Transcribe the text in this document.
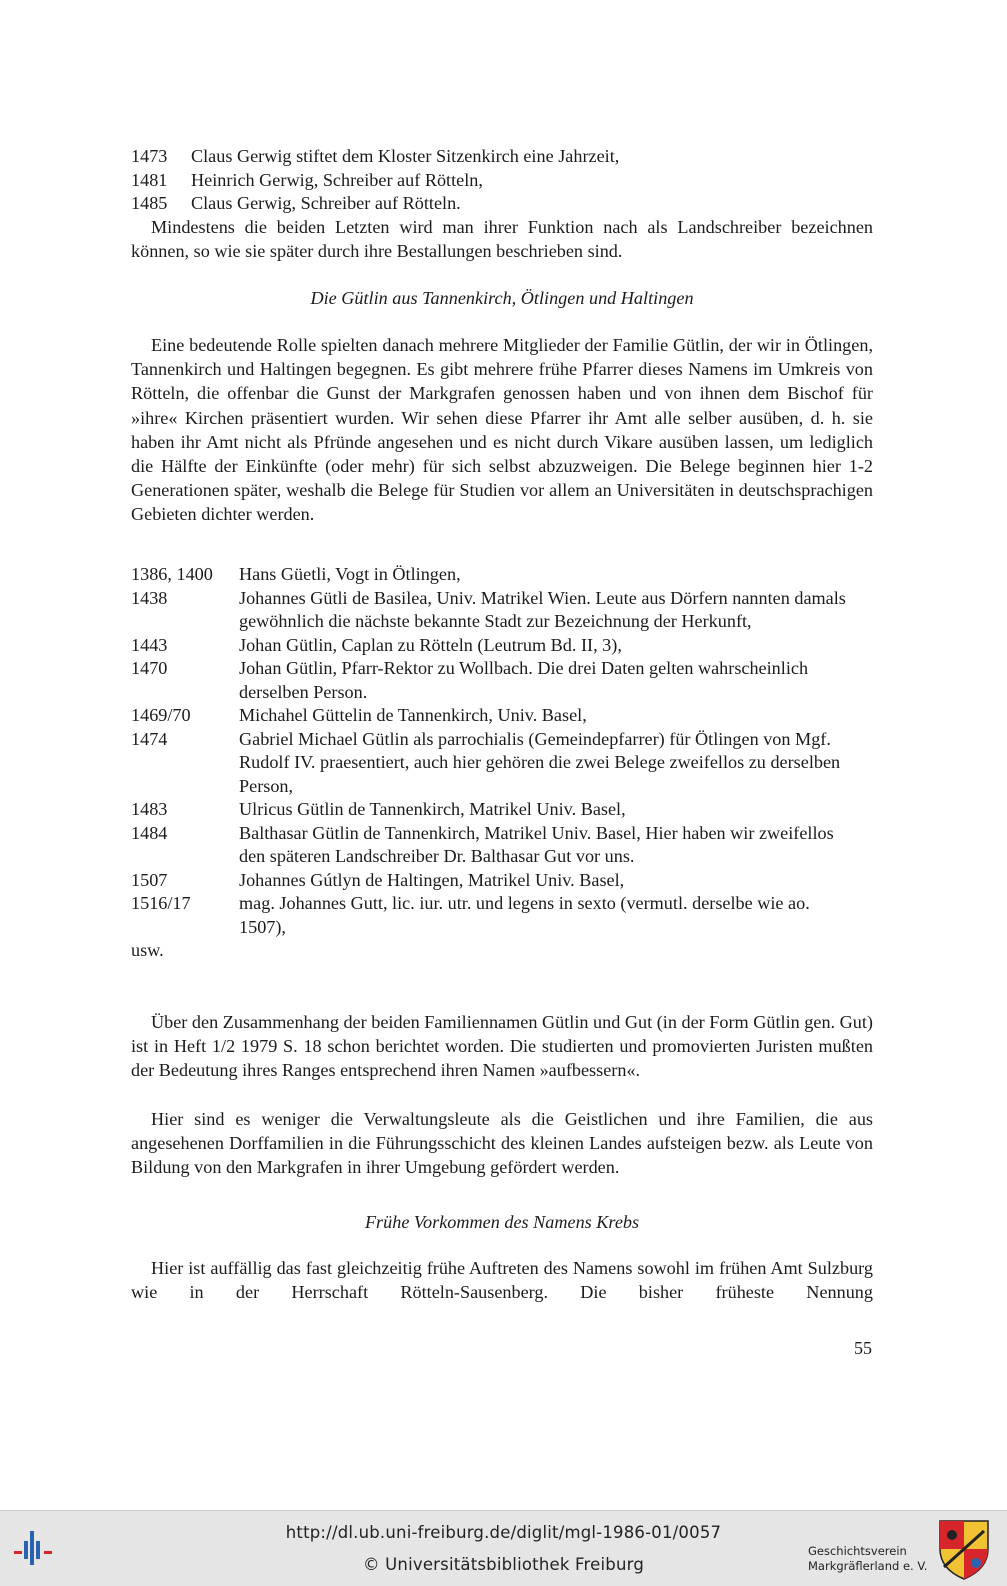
1473	Claus Gerwig stiftet dem Kloster Sitzenkirch eine Jahrzeit,
1481	Heinrich Gerwig, Schreiber auf Rötteln,
1485	Claus Gerwig, Schreiber auf Rötteln.

Mindestens die beiden Letzten wird man ihrer Funktion nach als Landschreiber bezeichnen können, so wie sie später durch ihre Bestallungen beschrieben sind.

Die Gütlin aus Tannenkirch, Ötlingen und Haltingen

Eine bedeutende Rolle spielten danach mehrere Mitglieder der Familie Gütlin, der wir in Ötlingen, Tannenkirch und Haltingen begegnen. Es gibt mehrere frühe Pfarrer dieses Namens im Umkreis von Rötteln, die offenbar die Gunst der Markgrafen genossen haben und von ihnen dem Bischof für »ihre« Kirchen präsentiert wurden. Wir sehen diese Pfarrer ihr Amt alle selber ausüben, d. h. sie haben ihr Amt nicht als Pfründe angesehen und es nicht durch Vikare ausüben lassen, um lediglich die Hälfte der Einkünfte (oder mehr) für sich selbst abzuzweigen. Die Belege beginnen hier 1-2 Generationen später, weshalb die Belege für Studien vor allem an Universitäten in deutschsprachigen Gebieten dichter werden.

1386, 1400	Hans Güetli, Vogt in Ötlingen,
1438	Johannes Gütli de Basilea, Univ. Matrikel Wien. Leute aus Dörfern nannten damals gewöhnlich die nächste bekannte Stadt zur Bezeichnung der Herkunft,
1443	Johan Gütlin, Caplan zu Rötteln (Leutrum Bd. II, 3),
1470	Johan Gütlin, Pfarr-Rektor zu Wollbach. Die drei Daten gelten wahrscheinlich derselben Person.
1469/70	Michahel Güttelin de Tannenkirch, Univ. Basel,
1474	Gabriel Michael Gütlin als parrochialis (Gemeindepfarrer) für Ötlingen von Mgf. Rudolf IV. praesentiert, auch hier gehören die zwei Belege zweifellos zu derselben Person,
1483	Ulricus Gütlin de Tannenkirch, Matrikel Univ. Basel,
1484	Balthasar Gütlin de Tannenkirch, Matrikel Univ. Basel, Hier haben wir zweifellos den späteren Landschreiber Dr. Balthasar Gut vor uns.
1507	Johannes Gútlyn de Haltingen, Matrikel Univ. Basel,
1516/17	mag. Johannes Gutt, lic. iur. utr. und legens in sexto (vermutl. derselbe wie ao. 1507),
usw.

Über den Zusammenhang der beiden Familiennamen Gütlin und Gut (in der Form Gütlin gen. Gut) ist in Heft 1/2 1979 S. 18 schon berichtet worden. Die studierten und promovierten Juristen mußten der Bedeutung ihres Ranges entsprechend ihren Namen »aufbessern«.

Hier sind es weniger die Verwaltungsleute als die Geistlichen und ihre Familien, die aus angesehenen Dorffamilien in die Führungsschicht des kleinen Landes aufsteigen bezw. als Leute von Bildung von den Markgrafen in ihrer Umgebung gefördert werden.

Frühe Vorkommen des Namens Krebs

Hier ist auffällig das fast gleichzeitig frühe Auftreten des Namens sowohl im frühen Amt Sulzburg wie in der Herrschaft Rötteln-Sausenberg. Die bisher früheste Nennung

55
http://dl.ub.uni-freiburg.de/diglit/mgl-1986-01/0057
© Universitätsbibliothek Freiburg
Geschichtsverein
Markgräflerland e. V.
